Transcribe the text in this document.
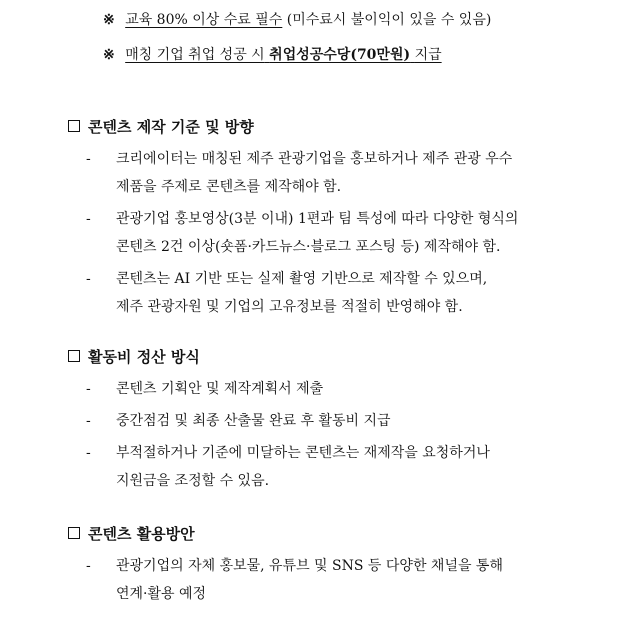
※ 교육 80% 이상 수료 필수 (미수료시 불이익이 있을 수 있음)
※ 매칭 기업 취업 성공 시 취업성공수당(70만원) 지급
콘텐츠 제작 기준 및 방향
-	크리에이터는 매칭된 제주 관광기업을 홍보하거나 제주 관광 우수
제품을 주제로 콘텐츠를 제작해야 함.
-	관광기업 홍보영상(3분 이내) 1편과 팀 특성에 따라 다양한 형식의
콘텐츠 2건 이상(숏폼·카드뉴스·블로그 포스팅 등) 제작해야 함.
-	콘텐츠는 AI 기반 또는 실제 촬영 기반으로 제작할 수 있으며,
제주 관광자원 및 기업의 고유정보를 적절히 반영해야 함.
활동비 정산 방식
-	콘텐츠 기획안 및 제작계획서 제출
-	중간점검 및 최종 산출물 완료 후 활동비 지급
-	부적절하거나 기준에 미달하는 콘텐츠는 재제작을 요청하거나
지원금을 조정할 수 있음.
콘텐츠 활용방안
-	관광기업의 자체 홍보물, 유튜브 및 SNS 등 다양한 채널을 통해
연계·활용 예정
